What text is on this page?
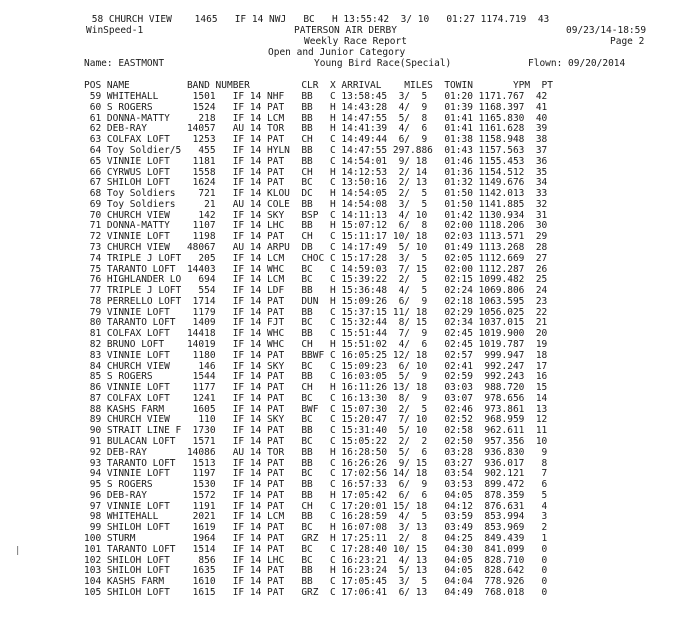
58 CHURCH VIEW    1465   IF 14 NWJ   BC   H 13:55:42  3/ 10   01:27 1174.719  43
WinSpeed-1	PATERSON AIR DERBY	09/23/14-18:59
Weekly Race Report	Page 2
Open and Junior Category
Name: EASTMONT	Young Bird Race(Special)	Flown: 09/20/2014
POS NAME          BAND NUMBER         CLR  X ARRIVAL    MILES  TOWIN       YPM  PT
59 WHITEHALL      1501   IF 14 NHF   BB   C 13:58:45  3/  5   01:20 1171.767  42
60 S ROGERS       1524   IF 14 PAT   BB   H 14:43:28  4/  9   01:39 1168.397  41
61 DONNA-MATTY     218   IF 14 LCM   BB   H 14:47:55  5/  8   01:41 1165.830  40
62 DEB-RAY       14057   AU 14 TOR   BB   H 14:41:39  4/  6   01:41 1161.628  39
63 COLFAX LOFT    1253   IF 14 PAT   CH   C 14:49:44  6/  9   01:38 1158.948  38
64 Toy Soldier/5   455   IF 14 HYLN  BB   C 14:47:55 297.886  01:43 1157.563  37
65 VINNIE LOFT    1181   IF 14 PAT   BB   C 14:54:01  9/ 18   01:46 1155.453  36
66 CYRWUS LOFT    1558   IF 14 PAT   CH   H 14:12:53  2/ 14   01:36 1154.512  35
67 SHILOH LOFT    1624   IF 14 PAT   BC   C 13:50:16  2/ 13   01:32 1149.676  34
68 Toy Soldiers    721   IF 14 KLOU  DC   H 14:54:05  2/  5   01:50 1142.013  33
69 Toy Soldiers     21   AU 14 COLE  BB   H 14:54:08  3/  5   01:50 1141.885  32
70 CHURCH VIEW     142   IF 14 SKY   BSP  C 14:11:13  4/ 10   01:42 1130.934  31
71 DONNA-MATTY    1107   IF 14 LHC   BB   H 15:07:12  6/  8   02:00 1118.206  30
72 VINNIE LOFT    1198   IF 14 PAT   CH   C 15:11:17 10/ 18   02:03 1113.571  29
73 CHURCH VIEW   48067   AU 14 ARPU  DB   C 14:17:49  5/ 10   01:49 1113.268  28
74 TRIPLE J LOFT   205   IF 14 LCM   CHOC C 15:17:28  3/  5   02:05 1112.669  27
75 TARANTO LOFT  14403   IF 14 WHC   BC   C 14:59:03  7/ 15   02:00 1112.287  26
76 HIGHLANDER LO   694   IF 14 LCM   BC   C 15:39:22  2/  5   02:15 1099.482  25
77 TRIPLE J LOFT   554   IF 14 LDF   BB   H 15:36:48  4/  5   02:24 1069.806  24
78 PERRELLO LOFT  1714   IF 14 PAT   DUN  H 15:09:26  6/  9   02:18 1063.595  23
79 VINNIE LOFT    1179   IF 14 PAT   BB   C 15:37:15 11/ 18   02:29 1056.025  22
80 TARANTO LOFT   1409   IF 14 FJT   BC   C 15:32:44  8/ 15   02:34 1037.015  21
81 COLFAX LOFT   14418   IF 14 WHC   BB   C 15:51:44  7/  9   02:45 1019.900  20
82 BRUNO LOFT    14019   IF 14 WHC   CH   H 15:51:02  4/  6   02:45 1019.787  19
83 VINNIE LOFT    1180   IF 14 PAT   BBWF C 16:05:25 12/ 18   02:57  999.947  18
84 CHURCH VIEW     146   IF 14 SKY   BC   C 15:09:23  6/ 10   02:41  992.247  17
85 S ROGERS       1544   IF 14 PAT   BB   C 16:03:05  5/  9   02:59  992.243  16
86 VINNIE LOFT    1177   IF 14 PAT   CH   H 16:11:26 13/ 18   03:03  988.720  15
87 COLFAX LOFT    1241   IF 14 PAT   BC   C 16:13:30  8/  9   03:07  978.656  14
88 KASHS FARM     1605   IF 14 PAT   BWF  C 15:07:30  2/  5   02:46  973.861  13
89 CHURCH VIEW     110   IF 14 SKY   BC   C 15:20:47  7/ 10   02:52  968.959  12
90 STRAIT LINE F  1730   IF 14 PAT   BB   C 15:31:40  5/ 10   02:58  962.611  11
91 BULACAN LOFT   1571   IF 14 PAT   BC   C 15:05:22  2/  2   02:50  957.356  10
92 DEB-RAY       14086   AU 14 TOR   BB   H 16:28:50  5/  6   03:28  936.830   9
93 TARANTO LOFT   1513   IF 14 PAT   BB   C 16:26:26  9/ 15   03:27  936.017   8
94 VINNIE LOFT    1197   IF 14 PAT   BC   C 17:02:56 14/ 18   03:54  902.121   7
95 S ROGERS       1530   IF 14 PAT   BB   C 16:57:33  6/  9   03:53  899.472   6
96 DEB-RAY        1572   IF 14 PAT   BB   H 17:05:42  6/  6   04:05  878.359   5
97 VINNIE LOFT    1191   IF 14 PAT   CH   C 17:20:01 15/ 18   04:12  876.631   4
98 WHITEHALL      2021   IF 14 LCM   BB   C 16:28:59  4/  5   03:59  853.994   3
99 SHILOH LOFT    1619   IF 14 PAT   BC   H 16:07:08  3/ 13   03:49  853.969   2
100 STURM          1964   IF 14 PAT   GRZ  H 17:25:11  2/  8   04:25  849.439   1
101 TARANTO LOFT   1514   IF 14 PAT   BC   C 17:28:40 10/ 15   04:30  841.099   0
102 SHILOH LOFT     856   IF 14 LHC   BC   C 16:23:21  4/ 13   04:05  828.710   0
103 SHILOH LOFT    1635   IF 14 PAT   BB   H 16:23:24  5/ 13   04:05  828.642   0
104 KASHS FARM     1610   IF 14 PAT   BB   C 17:05:45  3/  5   04:04  778.926   0
105 SHILOH LOFT    1615   IF 14 PAT   GRZ  C 17:06:41  6/ 13   04:49  768.018   0
|
